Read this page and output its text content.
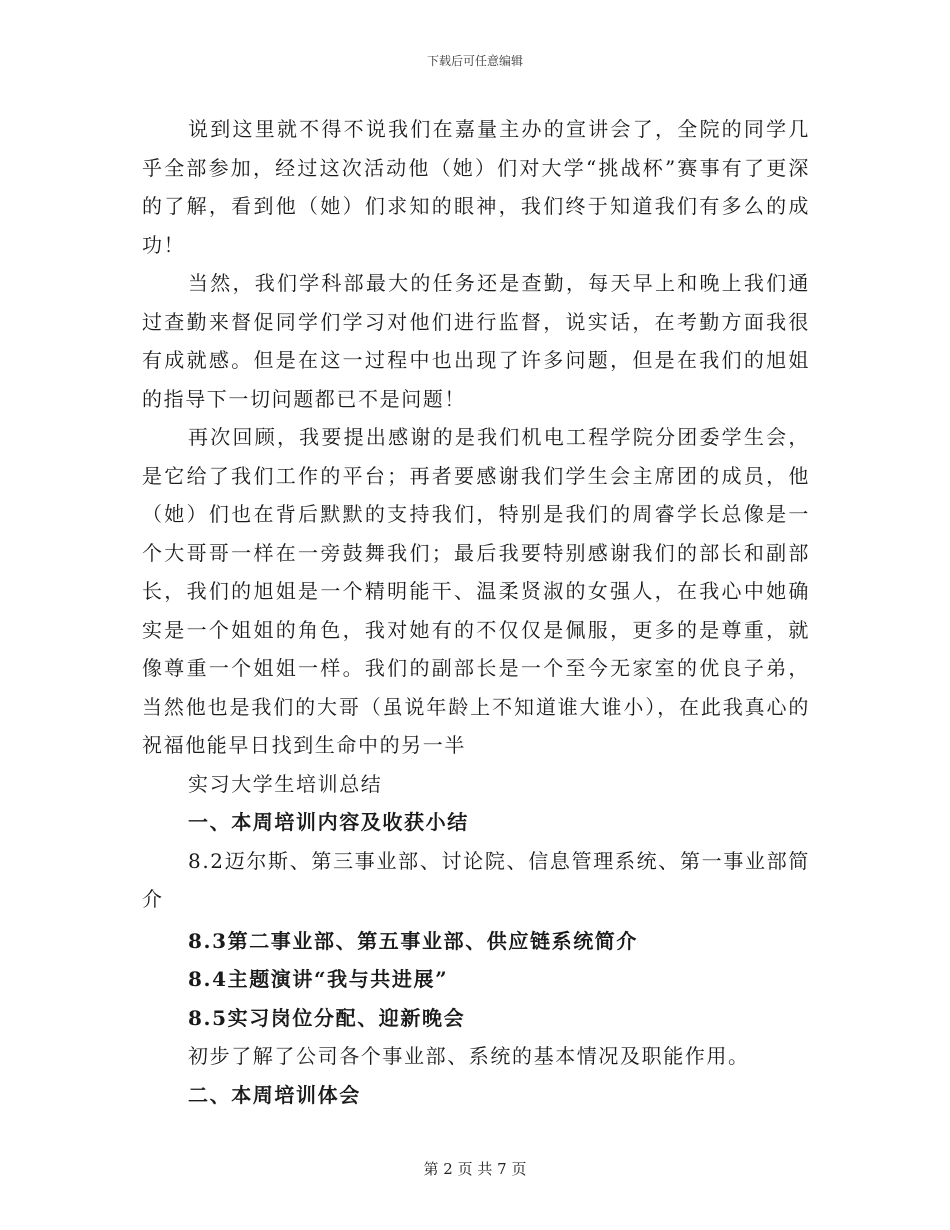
下载后可任意编辑

说到这里就不得不说我们在嘉量主办的宣讲会了，全院的同学几乎全部参加，经过这次活动他（她）们对大学“挑战杯”赛事有了更深的了解，看到他（她）们求知的眼神，我们终于知道我们有多么的成功！

当然，我们学科部最大的任务还是查勤，每天早上和晚上我们通过查勤来督促同学们学习对他们进行监督，说实话，在考勤方面我很有成就感。但是在这一过程中也出现了许多问题，但是在我们的旭姐的指导下一切问题都已不是问题！

再次回顾，我要提出感谢的是我们机电工程学院分团委学生会，是它给了我们工作的平台；再者要感谢我们学生会主席团的成员，他（她）们也在背后默默的支持我们，特别是我们的周睿学长总像是一个大哥哥一样在一旁鼓舞我们；最后我要特别感谢我们的部长和副部长，我们的旭姐是一个精明能干、温柔贤淑的女强人，在我心中她确实是一个姐姐的角色，我对她有的不仅仅是佩服，更多的是尊重，就像尊重一个姐姐一样。我们的副部长是一个至今无家室的优良子弟，当然他也是我们的大哥（虽说年龄上不知道谁大谁小），在此我真心的祝福他能早日找到生命中的另一半

实习大学生培训总结

一、本周培训内容及收获小结

8.2迈尔斯、第三事业部、讨论院、信息管理系统、第一事业部简介

8.3第二事业部、第五事业部、供应链系统简介

8.4主题演讲“我与共进展”

8.5实习岗位分配、迎新晚会

初步了解了公司各个事业部、系统的基本情况及职能作用。

二、本周培训体会

第 2 页 共 7 页
